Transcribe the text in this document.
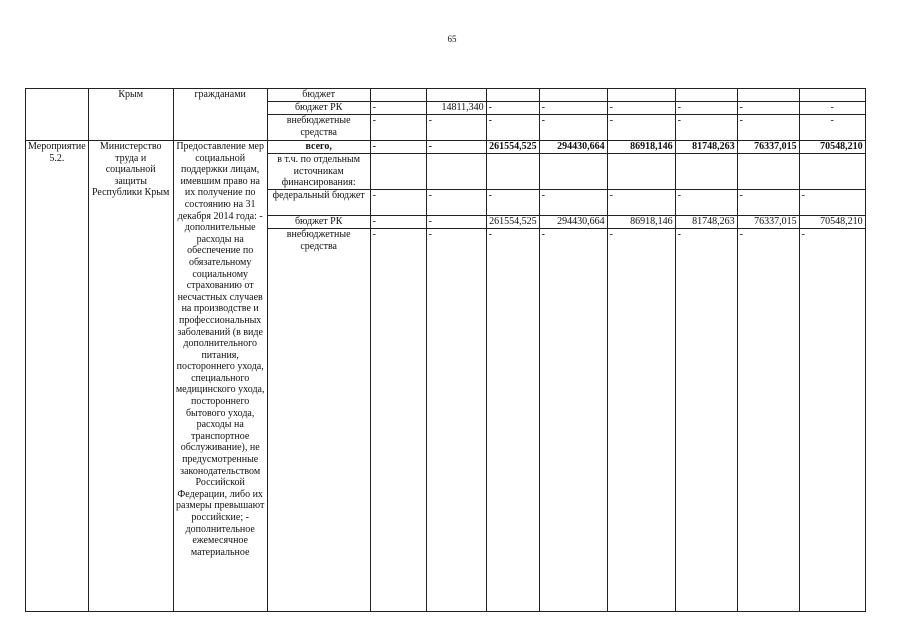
65
	Крым	гражданами	бюджет								
			бюджет РК	-	14811,340	-	-	-	-	-	-
			внебюджетные средства	-	-	-	-	-	-	-	-
Мероприятие 5.2.	Министерство труда и социальной защиты Республики Крым	Предоставление мер социальной поддержки лицам, имевшим право на их получение по состоянию на 31 декабря 2014 года: - дополнительные расходы на обеспечение по обязательному социальному страхованию от несчастных случаев на производстве и профессиональных заболеваний (в виде дополнительного питания, постороннего ухода, специального медицинского ухода, постороннего бытового ухода, расходы на транспортное обслуживание), не предусмотренные законодательством Российской Федерации, либо их размеры превышают российские; - дополнительное ежемесячное материальное	всего,	-	-	261554,525	294430,664	86918,146	81748,263	76337,015	70548,210
			в т.ч. по отдельным источникам финансирования:								
			федеральный бюджет	-	-	-	-	-	-	-	-
			бюджет РК	-	-	261554,525	294430,664	86918,146	81748,263	76337,015	70548,210
			внебюджетные средства	-	-	-	-	-	-	-	-
